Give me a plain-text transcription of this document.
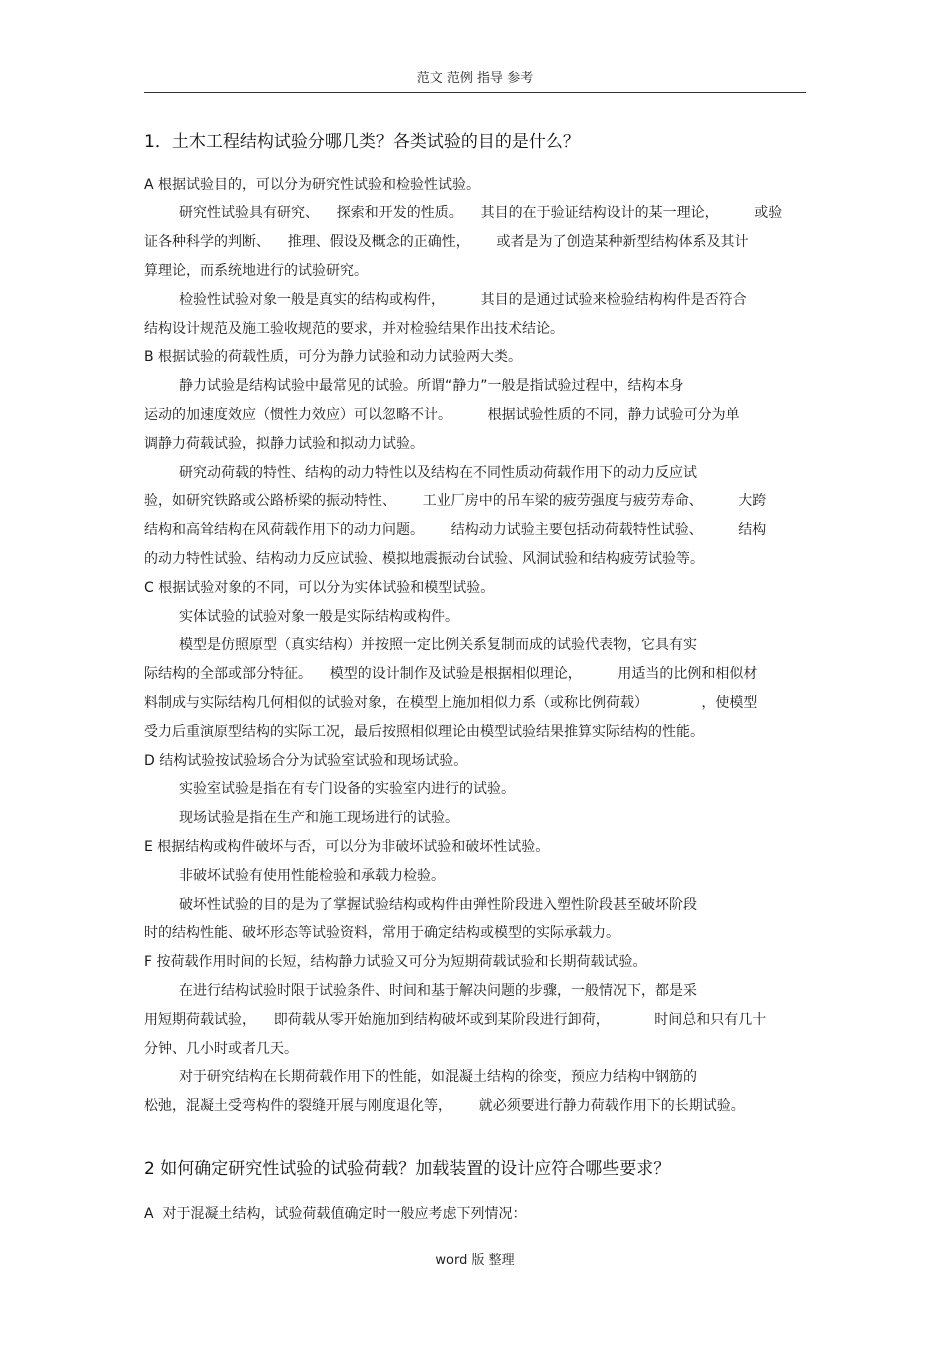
范文 范例 指导 参考
1．土木工程结构试验分哪几类？各类试验的目的是什么？
A 根据试验目的，可以分为研究性试验和检验性试验。
研究性试验具有研究、    探索和开发的性质。    其目的在于验证结构设计的某一理论，        或验
证各种科学的判断、    推理、假设及概念的正确性，      或者是为了创造某种新型结构体系及其计
算理论，而系统地进行的试验研究。
检验性试验对象一般是真实的结构或构件，        其目的是通过试验来检验结构构件是否符合
结构设计规范及施工验收规范的要求，并对检验结果作出技术结论。
B 根据试验的荷载性质，可分为静力试验和动力试验两大类。
静力试验是结构试验中最常见的试验。所谓“静力”一般是指试验过程中，结构本身
运动的加速度效应（惯性力效应）可以忽略不计。        根据试验性质的不同，静力试验可分为单
调静力荷载试验，拟静力试验和拟动力试验。
研究动荷载的特性、结构的动力特性以及结构在不同性质动荷载作用下的动力反应试
验，如研究铁路或公路桥梁的振动特性、      工业厂房中的吊车梁的疲劳强度与疲劳寿命、        大跨
结构和高耸结构在风荷载作用下的动力问题。      结构动力试验主要包括动荷载特性试验、        结构
的动力特性试验、结构动力反应试验、模拟地震振动台试验、风洞试验和结构疲劳试验等。
C 根据试验对象的不同，可以分为实体试验和模型试验。
实体试验的试验对象一般是实际结构或构件。
模型是仿照原型（真实结构）并按照一定比例关系复制而成的试验代表物，它具有实
际结构的全部或部分特征。    模型的设计制作及试验是根据相似理论，        用适当的比例和相似材
料制成与实际结构几何相似的试验对象，在模型上施加相似力系（或称比例荷载）            ，使模型
受力后重演原型结构的实际工况，最后按照相似理论由模型试验结果推算实际结构的性能。
D 结构试验按试验场合分为试验室试验和现场试验。
实验室试验是指在有专门设备的实验室内进行的试验。
现场试验是指在生产和施工现场进行的试验。
E 根据结构或构件破坏与否，可以分为非破坏试验和破坏性试验。
非破坏试验有使用性能检验和承载力检验。
破坏性试验的目的是为了掌握试验结构或构件由弹性阶段进入塑性阶段甚至破坏阶段
时的结构性能、破坏形态等试验资料，常用于确定结构或模型的实际承载力。
F 按荷载作用时间的长短，结构静力试验又可分为短期荷载试验和长期荷载试验。
在进行结构试验时限于试验条件、时间和基于解决问题的步骤，一般情况下，都是采
用短期荷载试验，    即荷载从零开始施加到结构破坏或到某阶段进行卸荷，          时间总和只有几十
分钟、几小时或者几天。
对于研究结构在长期荷载作用下的性能，如混凝土结构的徐变，预应力结构中钢筋的
松弛，混凝土受弯构件的裂缝开展与刚度退化等，      就必须要进行静力荷载作用下的长期试验。
2 如何确定研究性试验的试验荷载？加载装置的设计应符合哪些要求？
A  对于混凝土结构，试验荷载值确定时一般应考虑下列情况：
word 版 整理
